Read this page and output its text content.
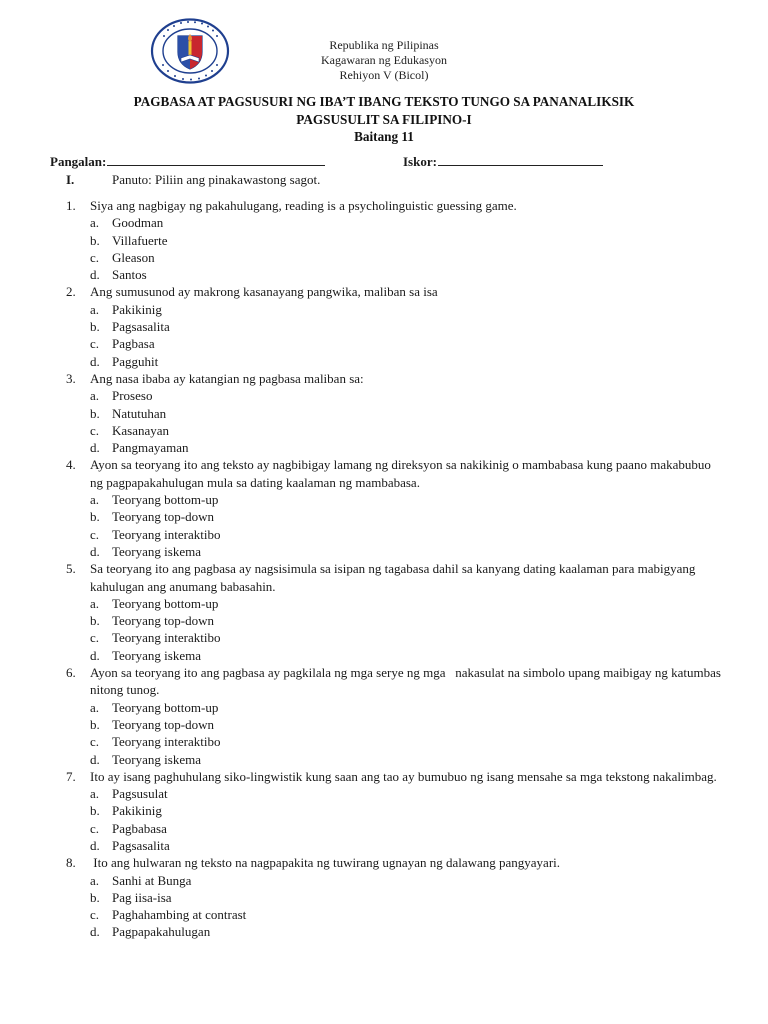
Republika ng Pilipinas
Kagawaran ng Edukasyon
Rehiyon V (Bicol)
PAGBASA AT PAGSUSURI NG IBA’T IBANG TEKSTO TUNGO SA PANANALIKSIK
PAGSUSULIT SA FILIPINO-I
Baitang 11
Pangalan:	Iskor:
I.	Panuto: Piliin ang pinakawastong sagot.
1. Siya ang nagbigay ng pakahulugang, reading is a psycholinguistic guessing game.
a. Goodman
b. Villafuerte
c. Gleason
d. Santos
2. Ang sumusunod ay makrong kasanayang pangwika, maliban sa isa
a. Pakikinig
b. Pagsasalita
c. Pagbasa
d. Pagguhit
3. Ang nasa ibaba ay katangian ng pagbasa maliban sa:
a. Proseso
b. Natutuhan
c. Kasanayan
d. Pangmayaman
4. Ayon sa teoryang ito ang teksto ay nagbibigay lamang ng direksyon sa nakikinig o mambabasa kung paano makabubuo ng pagpapakahulugan mula sa dating kaalaman ng mambabasa.
a. Teoryang bottom-up
b. Teoryang top-down
c. Teoryang interaktibo
d. Teoryang iskema
5. Sa teoryang ito ang pagbasa ay nagsisimula sa isipan ng tagabasa dahil sa kanyang dating kaalaman para mabigyang kahulugan ang anumang babasahin.
a. Teoryang bottom-up
b. Teoryang top-down
c. Teoryang interaktibo
d. Teoryang iskema
6. Ayon sa teoryang ito ang pagbasa ay pagkilala ng mga serye ng mga   nakasulat na simbolo upang maibigay ng katumbas nitong tunog.
a. Teoryang bottom-up
b. Teoryang top-down
c. Teoryang interaktibo
d. Teoryang iskema
7. Ito ay isang paghuhulang siko-lingwistik kung saan ang tao ay bumubuo ng isang mensahe sa mga tekstong nakalimbag.
a. Pagsusulat
b. Pakikinig
c. Pagbabasa
d. Pagsasalita
8. Ito ang hulwaran ng teksto na nagpapakita ng tuwirang ugnayan ng dalawang pangyayari.
a. Sanhi at Bunga
b. Pag iisa-isa
c. Paghahambing at contrast
d. Pagpapakahulugan
